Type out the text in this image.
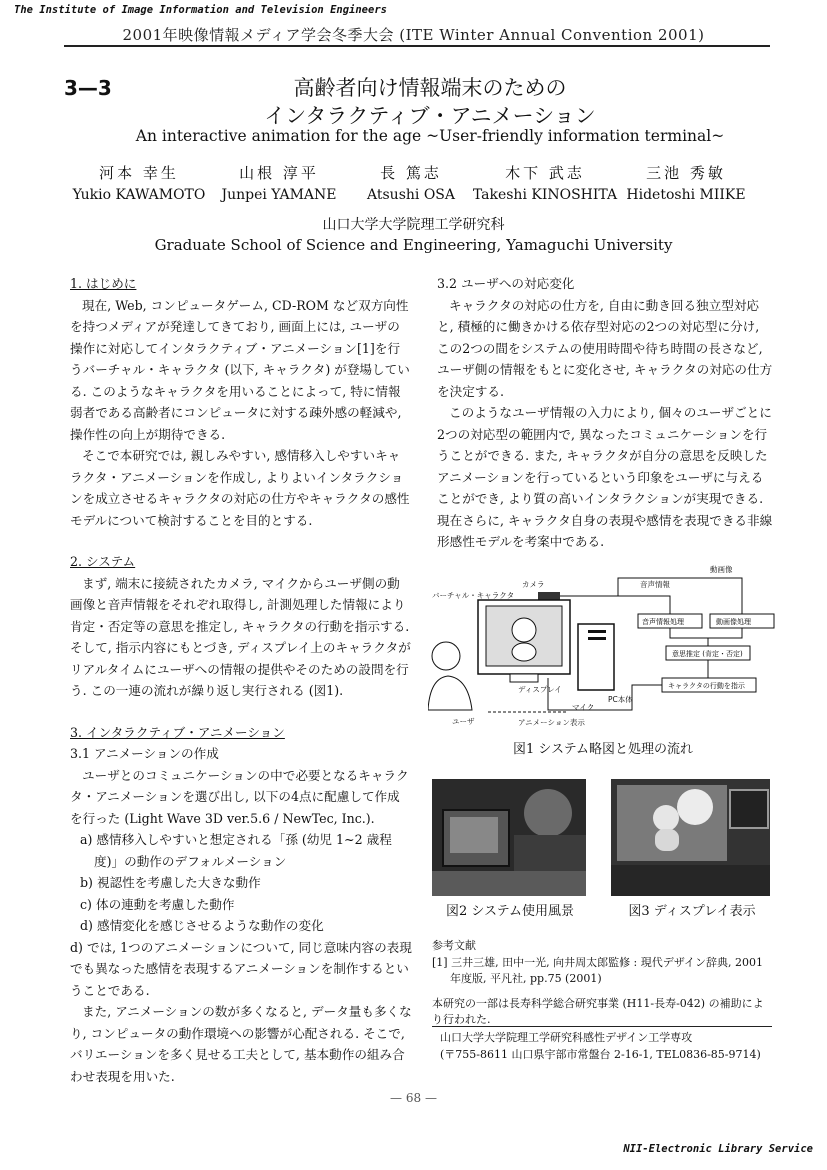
The Institute of Image Information and Television Engineers
2001年映像情報メディア学会冬季大会 (ITE Winter Annual Convention 2001)
3—3	高齢者向け情報端末のための
インタラクティブ・アニメーション
An interactive animation for the age ~User-friendly information terminal~
河本 幸生
Yukio KAWAMOTO
山根 淳平
Junpei YAMANE
長 篤志
Atsushi OSA
木下 武志
Takeshi KINOSHITA
三池 秀敏
Hidetoshi MIIKE
山口大学大学院理工学研究科
Graduate School of Science and Engineering, Yamaguchi University

1. はじめに

現在, Web, コンピュータゲーム, CD-ROM など双方向性を持つメディアが発達してきており, 画面上には, ユーザの操作に対応してインタラクティブ・アニメーション[1]を行うバーチャル・キャラクタ (以下, キャラクタ) が登場している. このようなキャラクタを用いることによって, 特に情報弱者である高齢者にコンピュータに対する疎外感の軽減や, 操作性の向上が期待できる.

そこで本研究では, 親しみやすい, 感情移入しやすいキャラクタ・アニメーションを作成し, よりよいインタラクションを成立させるキャラクタの対応の仕方やキャラクタの感性モデルについて検討することを目的とする.

2. システム

まず, 端末に接続されたカメラ, マイクからユーザ側の動画像と音声情報をそれぞれ取得し, 計測処理した情報により肯定・否定等の意思を推定し, キャラクタの行動を指示する. そして, 指示内容にもとづき, ディスプレイ上のキャラクタがリアルタイムにユーザへの情報の提供やそのための設問を行う. この一連の流れが繰り返し実行される (図1).

3. インタラクティブ・アニメーション

3.1 アニメーションの作成

ユーザとのコミュニケーションの中で必要となるキャラクタ・アニメーションを選び出し, 以下の4点に配慮して作成を行った (Light Wave 3D ver.5.6 / NewTec, Inc.).

a) 感情移入しやすいと想定される「孫 (幼児 1~2 歳程度)」の動作のデフォルメーション

b) 視認性を考慮した大きな動作

c) 体の連動を考慮した動作

d) 感情変化を感じさせるような動作の変化

d) では, 1つのアニメーションについて, 同じ意味内容の表現でも異なった感情を表現するアニメーションを制作するということである.

また, アニメーションの数が多くなると, データ量も多くなり, コンピュータの動作環境への影響が心配される. そこで, バリエーションを多く見せる工夫として, 基本動作の組み合わせ表現を用いた.

3.2 ユーザへの対応変化

キャラクタの対応の仕方を, 自由に動き回る独立型対応と, 積極的に働きかける依存型対応の2つの対応型に分け, この2つの間をシステムの使用時間や待ち時間の長さなど, ユーザ側の情報をもとに変化させ, キャラクタの対応の仕方を決定する.

このようなユーザ情報の入力により, 個々のユーザごとに2つの対応型の範囲内で, 異なったコミュニケーションを行うことができる. また, キャラクタが自分の意思を反映したアニメーションを行っているという印象をユーザに与えることができ, より質の高いインタラクションが実現できる. 現在さらに, キャラクタ自身の表現や感情を表現できる非線形感性モデルを考案中である.

動画像
カメラ	音声情報
バーチャル・キャラクタ
ディスプレイ
マイク
PC本体
ユーザ	アニメーション表示
音声情報処理	動画像処理
意思推定 (肯定・否定)
キャラクタの行動を指示
図1 システム略図と処理の流れ
図2 システム使用風景	図3 ディスプレイ表示
参考文献
[1] 三井三雄, 田中一光, 向井周太郎監修 : 現代デザイン辞典, 2001 年度版, 平凡社, pp.75 (2001)
本研究の一部は長寿科学総合研究事業 (H11-長寿-042) の補助により行われた.
山口大学大学院理工学研究科感性デザイン工学専攻
(〒755-8611 山口県宇部市常盤台 2-16-1, TEL0836-85-9714)
— 68 —
NII-Electronic Library Service
